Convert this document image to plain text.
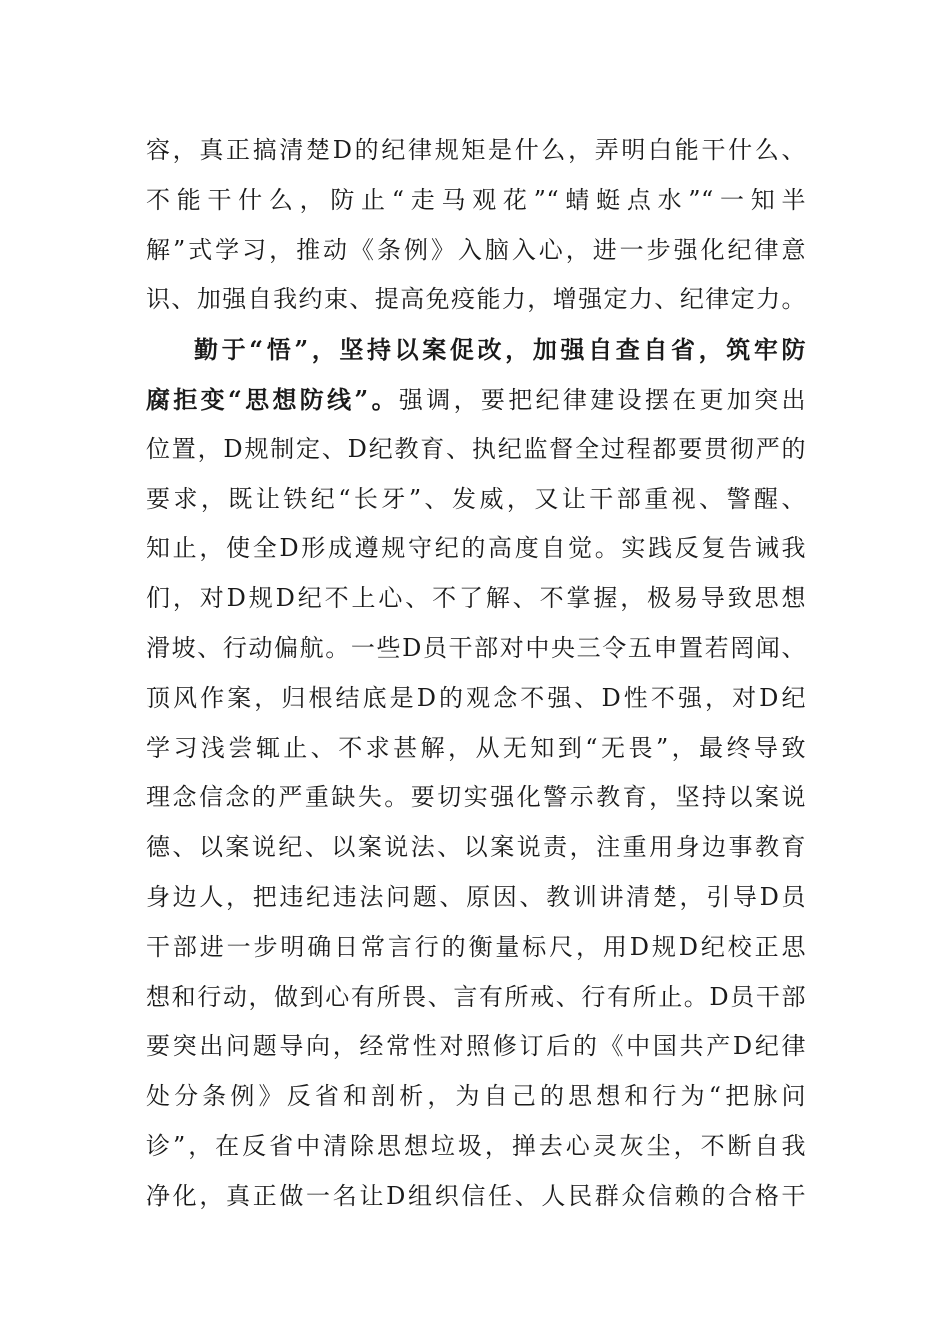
容，真正搞清楚D的纪律规矩是什么，弄明白能干什么、
不能干什么，防止“走马观花”“蜻蜓点水”“一知半
解”式学习，推动《条例》入脑入心，进一步强化纪律意
识、加强自我约束、提高免疫能力，增强定力、纪律定力。
勤于“悟”，坚持以案促改，加强自查自省，筑牢防
腐拒变“思想防线”。强调，要把纪律建设摆在更加突出
位置，D规制定、D纪教育、执纪监督全过程都要贯彻严的
要求，既让铁纪“长牙”、发威，又让干部重视、警醒、
知止，使全D形成遵规守纪的高度自觉。实践反复告诫我
们，对D规D纪不上心、不了解、不掌握，极易导致思想
滑坡、行动偏航。一些D员干部对中央三令五申置若罔闻、
顶风作案，归根结底是D的观念不强、D性不强，对D纪
学习浅尝辄止、不求甚解，从无知到“无畏”，最终导致
理念信念的严重缺失。要切实强化警示教育，坚持以案说
德、以案说纪、以案说法、以案说责，注重用身边事教育
身边人，把违纪违法问题、原因、教训讲清楚，引导D员
干部进一步明确日常言行的衡量标尺，用D规D纪校正思
想和行动，做到心有所畏、言有所戒、行有所止。D员干部
要突出问题导向，经常性对照修订后的《中国共产D纪律
处分条例》反省和剖析，为自己的思想和行为“把脉问
诊”，在反省中清除思想垃圾，掸去心灵灰尘，不断自我
净化，真正做一名让D组织信任、人民群众信赖的合格干
